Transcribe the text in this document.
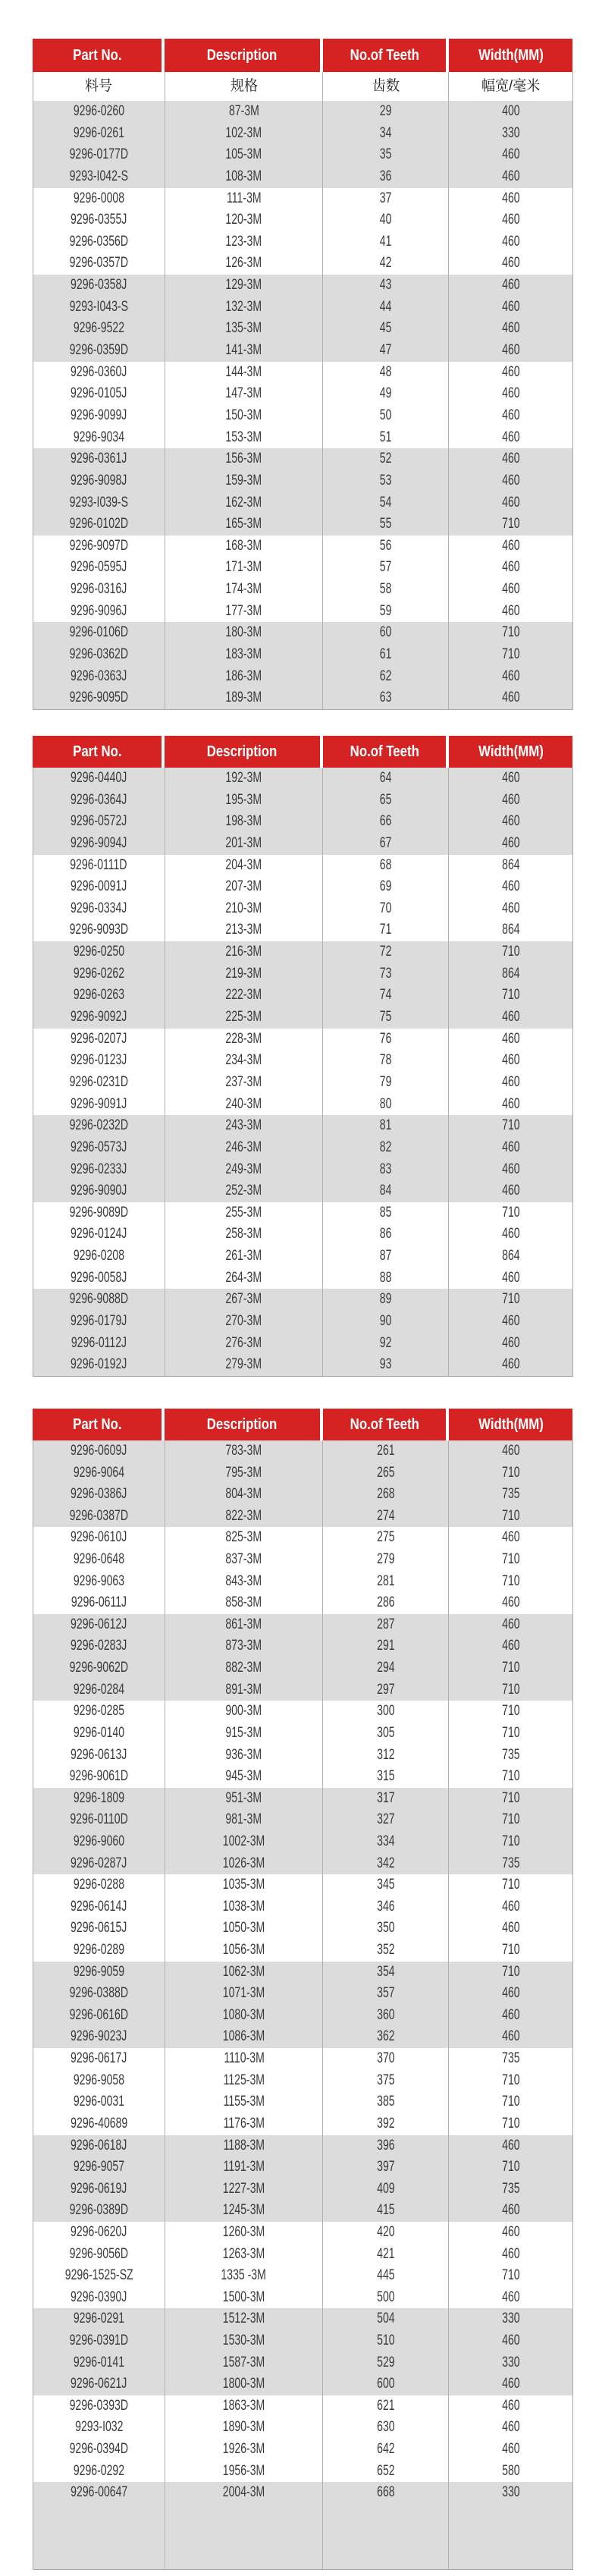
Part No.	Description	No.of Teeth	Width(MM)
料号	规格	齿数	幅宽/毫米
9296-0260	87-3M	29	400
9296-0261	102-3M	34	330
9296-0177D	105-3M	35	460
9293-I042-S	108-3M	36	460
9296-0008	111-3M	37	460
9296-0355J	120-3M	40	460
9296-0356D	123-3M	41	460
9296-0357D	126-3M	42	460
9296-0358J	129-3M	43	460
9293-I043-S	132-3M	44	460
9296-9522	135-3M	45	460
9296-0359D	141-3M	47	460
9296-0360J	144-3M	48	460
9296-0105J	147-3M	49	460
9296-9099J	150-3M	50	460
9296-9034	153-3M	51	460
9296-0361J	156-3M	52	460
9296-9098J	159-3M	53	460
9293-I039-S	162-3M	54	460
9296-0102D	165-3M	55	710
9296-9097D	168-3M	56	460
9296-0595J	171-3M	57	460
9296-0316J	174-3M	58	460
9296-9096J	177-3M	59	460
9296-0106D	180-3M	60	710
9296-0362D	183-3M	61	710
9296-0363J	186-3M	62	460
9296-9095D	189-3M	63	460
Part No.	Description	No.of Teeth	Width(MM)
9296-0440J	192-3M	64	460
9296-0364J	195-3M	65	460
9296-0572J	198-3M	66	460
9296-9094J	201-3M	67	460
9296-0111D	204-3M	68	864
9296-0091J	207-3M	69	460
9296-0334J	210-3M	70	460
9296-9093D	213-3M	71	864
9296-0250	216-3M	72	710
9296-0262	219-3M	73	864
9296-0263	222-3M	74	710
9296-9092J	225-3M	75	460
9296-0207J	228-3M	76	460
9296-0123J	234-3M	78	460
9296-0231D	237-3M	79	460
9296-9091J	240-3M	80	460
9296-0232D	243-3M	81	710
9296-0573J	246-3M	82	460
9296-0233J	249-3M	83	460
9296-9090J	252-3M	84	460
9296-9089D	255-3M	85	710
9296-0124J	258-3M	86	460
9296-0208	261-3M	87	864
9296-0058J	264-3M	88	460
9296-9088D	267-3M	89	710
9296-0179J	270-3M	90	460
9296-0112J	276-3M	92	460
9296-0192J	279-3M	93	460
Part No.	Description	No.of Teeth	Width(MM)
9296-0609J	783-3M	261	460
9296-9064	795-3M	265	710
9296-0386J	804-3M	268	735
9296-0387D	822-3M	274	710
9296-0610J	825-3M	275	460
9296-0648	837-3M	279	710
9296-9063	843-3M	281	710
9296-0611J	858-3M	286	460
9296-0612J	861-3M	287	460
9296-0283J	873-3M	291	460
9296-9062D	882-3M	294	710
9296-0284	891-3M	297	710
9296-0285	900-3M	300	710
9296-0140	915-3M	305	710
9296-0613J	936-3M	312	735
9296-9061D	945-3M	315	710
9296-1809	951-3M	317	710
9296-0110D	981-3M	327	710
9296-9060	1002-3M	334	710
9296-0287J	1026-3M	342	735
9296-0288	1035-3M	345	710
9296-0614J	1038-3M	346	460
9296-0615J	1050-3M	350	460
9296-0289	1056-3M	352	710
9296-9059	1062-3M	354	710
9296-0388D	1071-3M	357	460
9296-0616D	1080-3M	360	460
9296-9023J	1086-3M	362	460
9296-0617J	1110-3M	370	735
9296-9058	1125-3M	375	710
9296-0031	1155-3M	385	710
9296-40689	1176-3M	392	710
9296-0618J	1188-3M	396	460
9296-9057	1191-3M	397	710
9296-0619J	1227-3M	409	735
9296-0389D	1245-3M	415	460
9296-0620J	1260-3M	420	460
9296-9056D	1263-3M	421	460
9296-1525-SZ	1335 -3M	445	710
9296-0390J	1500-3M	500	460
9296-0291	1512-3M	504	330
9296-0391D	1530-3M	510	460
9296-0141	1587-3M	529	330
9296-0621J	1800-3M	600	460
9296-0393D	1863-3M	621	460
9293-I032	1890-3M	630	460
9296-0394D	1926-3M	642	460
9296-0292	1956-3M	652	580
9296-00647	2004-3M	668	330
